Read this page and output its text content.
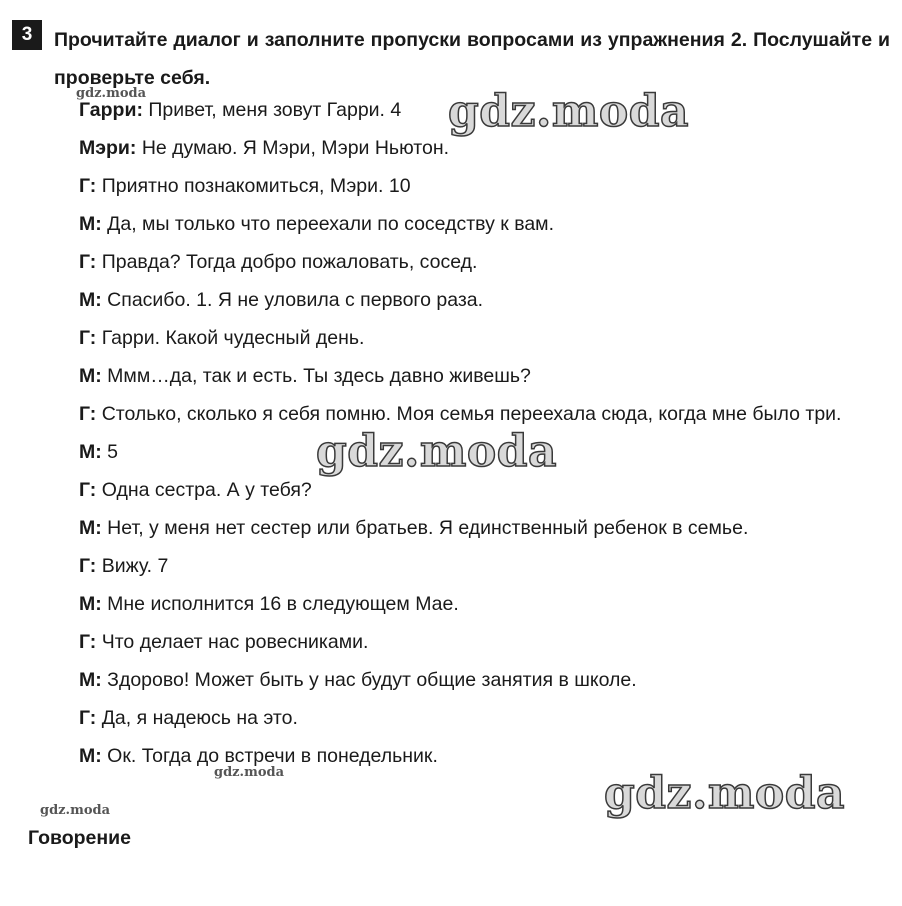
3	Прочитайте диалог и заполните пропуски вопросами из упражнения 2. Послушайте и проверьте себя.
Гарри: Привет, меня зовут Гарри. 4
Мэри: Не думаю. Я Мэри, Мэри Ньютон.
Г: Приятно познакомиться, Мэри. 10
М: Да, мы только что переехали по соседству к вам.
Г: Правда? Тогда добро пожаловать, сосед.
М: Спасибо. 1. Я не уловила с первого раза.
Г: Гарри. Какой чудесный день.
М: Ммм…да, так и есть. Ты здесь давно живешь?
Г: Столько, сколько я себя помню. Моя семья переехала сюда, когда мне было три.
М: 5
Г: Одна сестра. А у тебя?
М: Нет, у меня нет сестер или братьев. Я единственный ребенок в семье.
Г: Вижу. 7
М: Мне исполнится 16 в следующем Мае.
Г: Что делает нас ровесниками.
М: Здорово! Может быть у нас будут общие занятия в школе.
Г: Да, я надеюсь на это.
М: Ок. Тогда до встречи в понедельник.
Говорение
gdz.moda	gdz.moda
gdz.moda
gdz.moda
gdz.moda	gdz.moda
